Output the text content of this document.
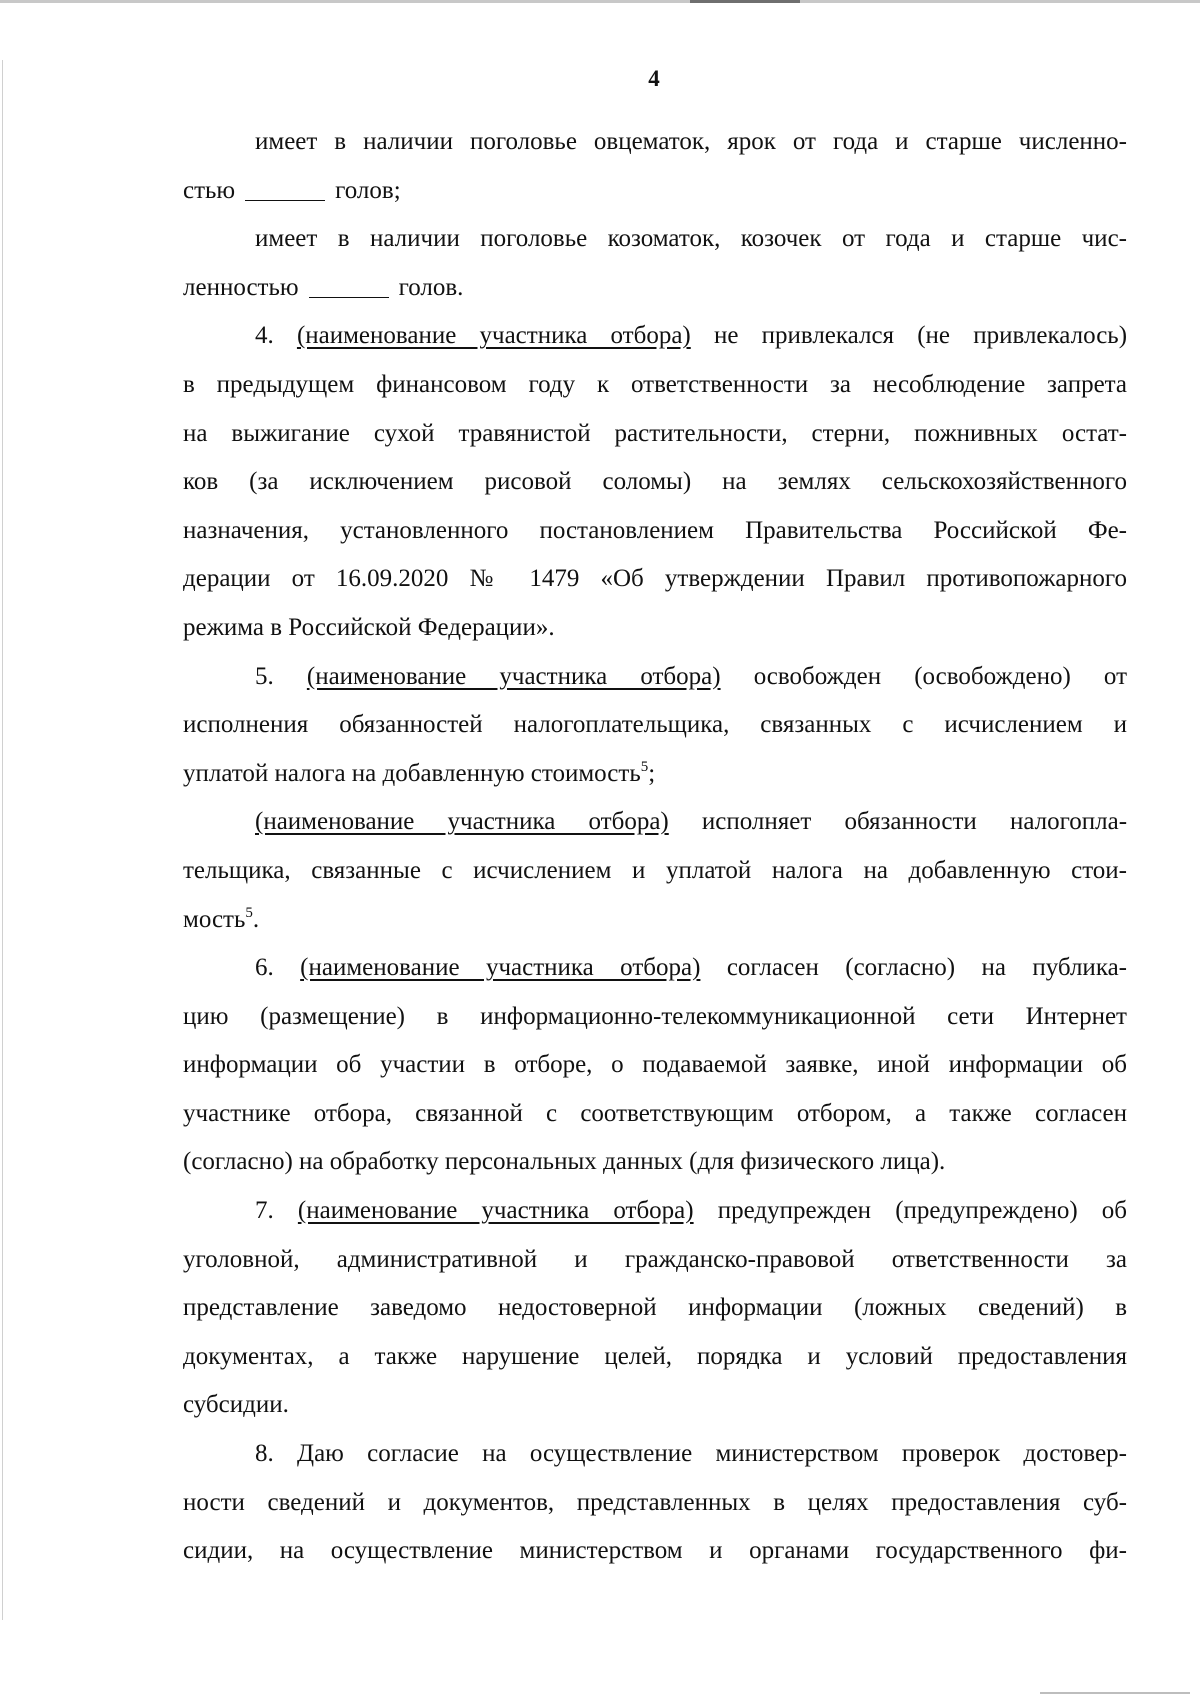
4
имеет в наличии поголовье овцематок, ярок от года и старше численно-
стью	голов;
имеет в наличии поголовье козоматок, козочек от года и старше чис-
ленностью	голов.
4. (наименование участника отбора) не привлекался (не привлекалось)
в предыдущем финансовом году к ответственности за несоблюдение запрета
на выжигание сухой травянистой растительности, стерни, пожнивных остат-
ков (за исключением рисовой соломы) на землях сельскохозяйственного
назначения, установленного постановлением Правительства Российской Фе-
дерации от 16.09.2020 № 1479 «Об утверждении Правил противопожарного
режима в Российской Федерации».
5. (наименование участника отбора) освобожден (освобождено) от
исполнения обязанностей налогоплательщика, связанных с исчислением и
уплатой налога на добавленную стоимость$^5$;
(наименование участника отбора) исполняет обязанности налогопла-
тельщика, связанные с исчислением и уплатой налога на добавленную стои-
мость$^5$.
6. (наименование участника отбора) согласен (согласно) на публика-
цию (размещение) в информационно-телекоммуникационной сети Интернет
информации об участии в отборе, о подаваемой заявке, иной информации об
участнике отбора, связанной с соответствующим отбором, а также согласен
(согласно) на обработку персональных данных (для физического лица).
7. (наименование участника отбора) предупрежден (предупреждено) об
уголовной, административной и гражданско-правовой ответственности за
представление заведомо недостоверной информации (ложных сведений) в
документах, а также нарушение целей, порядка и условий предоставления
субсидии.
8. Даю согласие на осуществление министерством проверок достовер-
ности сведений и документов, представленных в целях предоставления суб-
сидии, на осуществление министерством и органами государственного фи-
